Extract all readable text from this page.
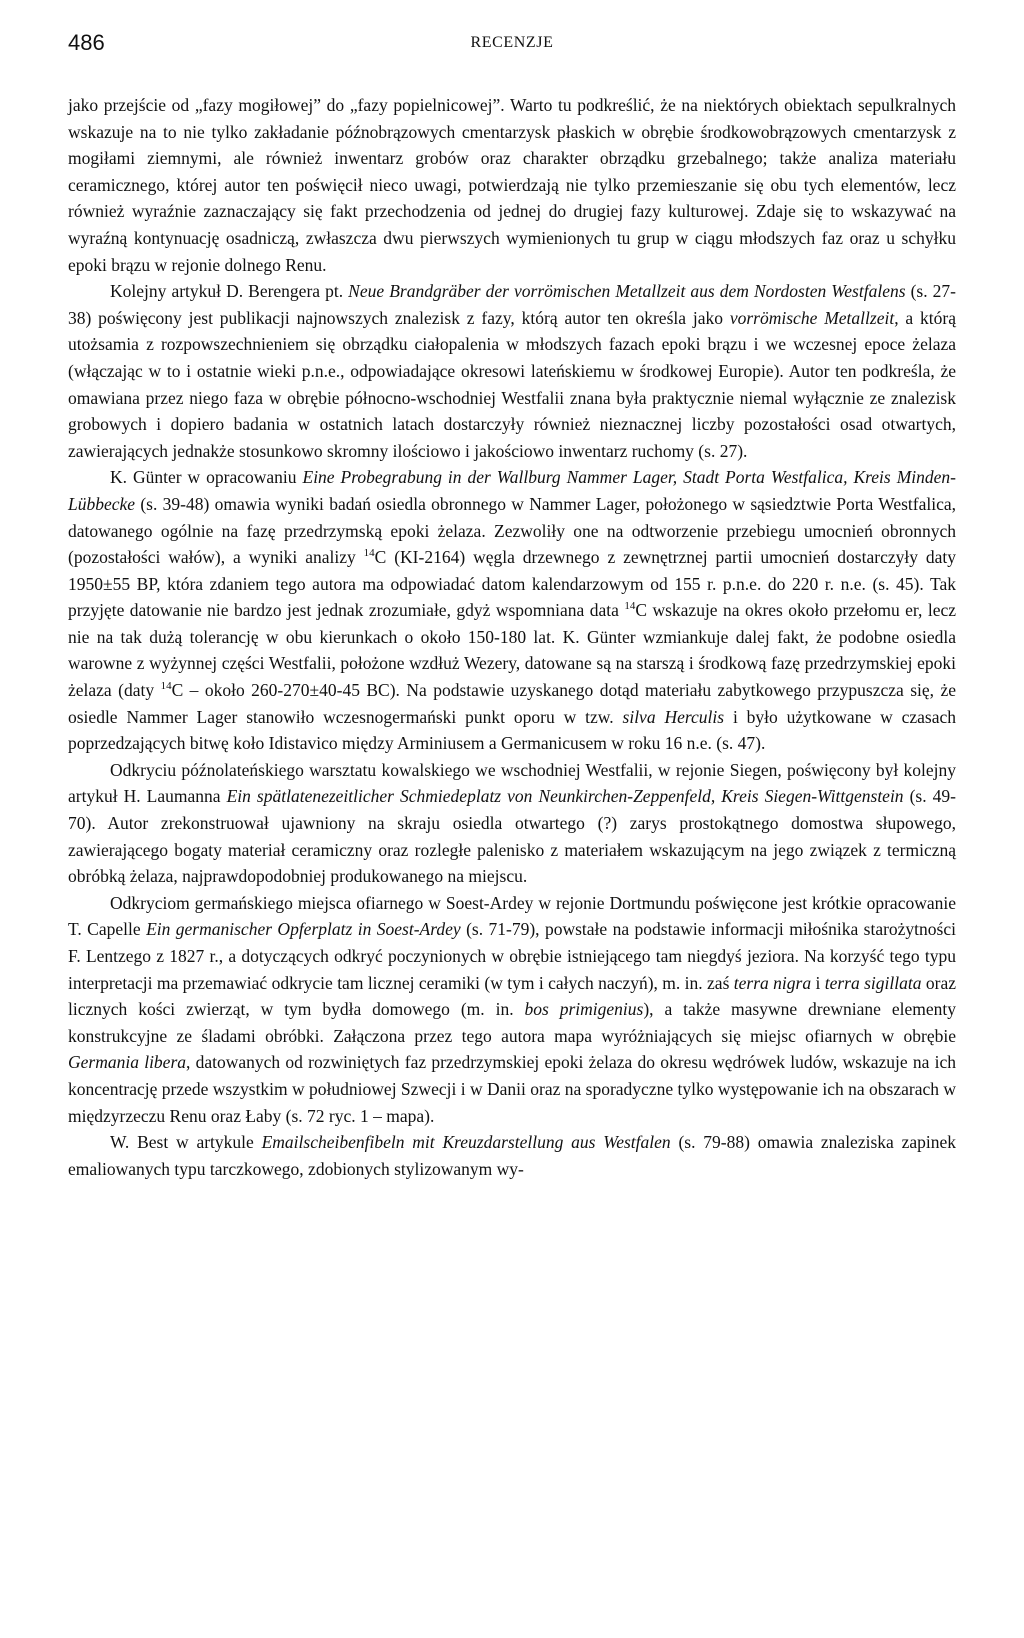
486	RECENZJE

jako przejście od „fazy mogiłowej” do „fazy popielnicowej”. Warto tu podkreślić, że na niektórych obiektach sepulkralnych wskazuje na to nie tylko zakładanie późnobrązowych cmentarzysk płaskich w obrębie środkowobrązowych cmentarzysk z mogiłami ziemnymi, ale również inwentarz grobów oraz charakter obrządku grzebalnego; także analiza materiału ceramicznego, której autor ten poświęcił nieco uwagi, potwierdzają nie tylko przemieszanie się obu tych elementów, lecz również wyraźnie zaznaczający się fakt przechodzenia od jednej do drugiej fazy kulturowej. Zdaje się to wskazywać na wyraźną kontynuację osadniczą, zwłaszcza dwu pierwszych wymienionych tu grup w ciągu młodszych faz oraz u schyłku epoki brązu w rejonie dolnego Renu.

Kolejny artykuł D. Berengera pt. Neue Brandgräber der vorrömischen Metallzeit aus dem Nordosten Westfalens (s. 27-38) poświęcony jest publikacji najnowszych znalezisk z fazy, którą autor ten określa jako vorrömische Metallzeit, a którą utożsamia z rozpowszechnieniem się obrządku ciałopalenia w młodszych fazach epoki brązu i we wczesnej epoce żelaza (włączając w to i ostatnie wieki p.n.e., odpowiadające okresowi lateńskiemu w środkowej Europie). Autor ten podkreśla, że omawiana przez niego faza w obrębie północno-wschodniej Westfalii znana była praktycznie niemal wyłącznie ze znalezisk grobowych i dopiero badania w ostatnich latach dostarczyły również nieznacznej liczby pozostałości osad otwartych, zawierających jednakże stosunkowo skromny ilościowo i jakościowo inwentarz ruchomy (s. 27).

K. Günter w opracowaniu Eine Probegrabung in der Wallburg Nammer Lager, Stadt Porta Westfalica, Kreis Minden-Lübbecke (s. 39-48) omawia wyniki badań osiedla obronnego w Nammer Lager, położonego w sąsiedztwie Porta Westfalica, datowanego ogólnie na fazę przedrzymską epoki żelaza. Zezwoliły one na odtworzenie przebiegu umocnień obronnych (pozostałości wałów), a wyniki analizy $^{14}$C (KI-2164) węgla drzewnego z zewnętrznej partii umocnień dostarczyły daty 1950±55 BP, która zdaniem tego autora ma odpowiadać datom kalendarzowym od 155 r. p.n.e. do 220 r. n.e. (s. 45). Tak przyjęte datowanie nie bardzo jest jednak zrozumiałe, gdyż wspomniana data $^{14}$C wskazuje na okres około przełomu er, lecz nie na tak dużą tolerancję w obu kierunkach o około 150-180 lat. K. Günter wzmiankuje dalej fakt, że podobne osiedla warowne z wyżynnej części Westfalii, położone wzdłuż Wezery, datowane są na starszą i środkową fazę przedrzymskiej epoki żelaza (daty $^{14}$C – około 260-270±40-45 BC). Na podstawie uzyskanego dotąd materiału zabytkowego przypuszcza się, że osiedle Nammer Lager stanowiło wczesnogermański punkt oporu w tzw. silva Herculis i było użytkowane w czasach poprzedzających bitwę koło Idistavico między Arminiusem a Germanicusem w roku 16 n.e. (s. 47).

Odkryciu późnolateńskiego warsztatu kowalskiego we wschodniej Westfalii, w rejonie Siegen, poświęcony był kolejny artykuł H. Laumanna Ein spätlatenezeitlicher Schmiedeplatz von Neunkirchen-Zeppenfeld, Kreis Siegen-Wittgenstein (s. 49-70). Autor zrekonstruował ujawniony na skraju osiedla otwartego (?) zarys prostokątnego domostwa słupowego, zawierającego bogaty materiał ceramiczny oraz rozległe palenisko z materiałem wskazującym na jego związek z termiczną obróbką żelaza, najprawdopodobniej produkowanego na miejscu.

Odkryciom germańskiego miejsca ofiarnego w Soest-Ardey w rejonie Dortmundu poświęcone jest krótkie opracowanie T. Capelle Ein germanischer Opferplatz in Soest-Ardey (s. 71-79), powstałe na podstawie informacji miłośnika starożytności F. Lentzego z 1827 r., a dotyczących odkryć poczynionych w obrębie istniejącego tam niegdyś jeziora. Na korzyść tego typu interpretacji ma przemawiać odkrycie tam licznej ceramiki (w tym i całych naczyń), m. in. zaś terra nigra i terra sigillata oraz licznych kości zwierząt, w tym bydła domowego (m. in. bos primigenius), a także masywne drewniane elementy konstrukcyjne ze śladami obróbki. Załączona przez tego autora mapa wyróżniających się miejsc ofiarnych w obrębie Germania libera, datowanych od rozwiniętych faz przedrzymskiej epoki żelaza do okresu wędrówek ludów, wskazuje na ich koncentrację przede wszystkim w południowej Szwecji i w Danii oraz na sporadyczne tylko występowanie ich na obszarach w międzyrzeczu Renu oraz Łaby (s. 72 ryc. 1 – mapa).

W. Best w artykule Emailscheibenfibeln mit Kreuzdarstellung aus Westfalen (s. 79-88) omawia znaleziska zapinek emaliowanych typu tarczkowego, zdobionych stylizowanym wy-
